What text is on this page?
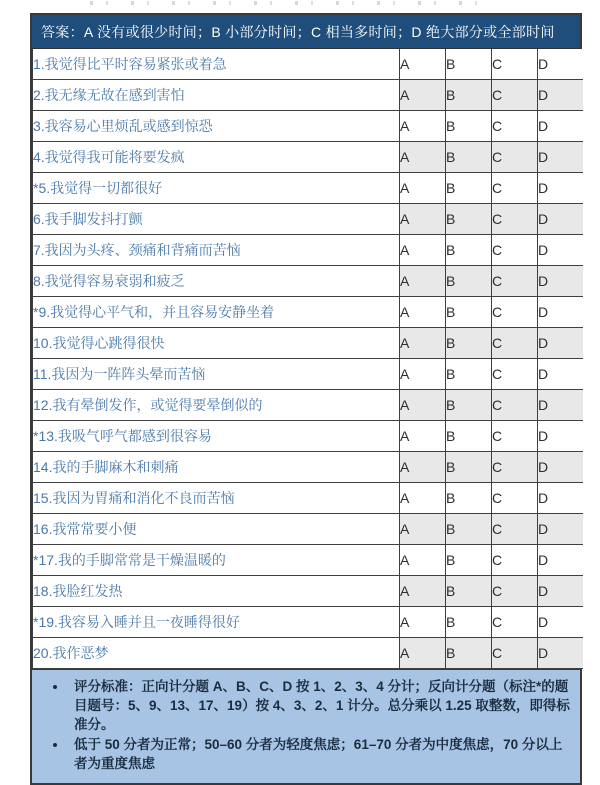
答案：A 没有或很少时间；B 小部分时间；C 相当多时间；D 绝大部分或全部时间
1.我觉得比平时容易紧张或着急	A	B	C	D
2.我无缘无故在感到害怕	A	B	C	D
3.我容易心里烦乱或感到惊恐	A	B	C	D
4.我觉得我可能将要发疯	A	B	C	D
*5.我觉得一切都很好	A	B	C	D
6.我手脚发抖打颤	A	B	C	D
7.我因为头疼、颈痛和背痛而苦恼	A	B	C	D
8.我觉得容易衰弱和疲乏	A	B	C	D
*9.我觉得心平气和，并且容易安静坐着	A	B	C	D
10.我觉得心跳得很快	A	B	C	D
11.我因为一阵阵头晕而苦恼	A	B	C	D
12.我有晕倒发作，或觉得要晕倒似的	A	B	C	D
*13.我吸气呼气都感到很容易	A	B	C	D
14.我的手脚麻木和刺痛	A	B	C	D
15.我因为胃痛和消化不良而苦恼	A	B	C	D
16.我常常要小便	A	B	C	D
*17.我的手脚常常是干燥温暖的	A	B	C	D
18.我脸红发热	A	B	C	D
*19.我容易入睡并且一夜睡得很好	A	B	C	D
20.我作恶梦	A	B	C	D
• 评分标准：正向计分题 A、B、C、D 按 1、2、3、4 分计；反向计分题（标注*的题目题号：5、9、13、17、19）按 4、3、2、1 计分。总分乘以 1.25 取整数，即得标准分。
• 低于 50 分者为正常；50–60 分者为轻度焦虑；61–70 分者为中度焦虑，70 分以上者为重度焦虑
